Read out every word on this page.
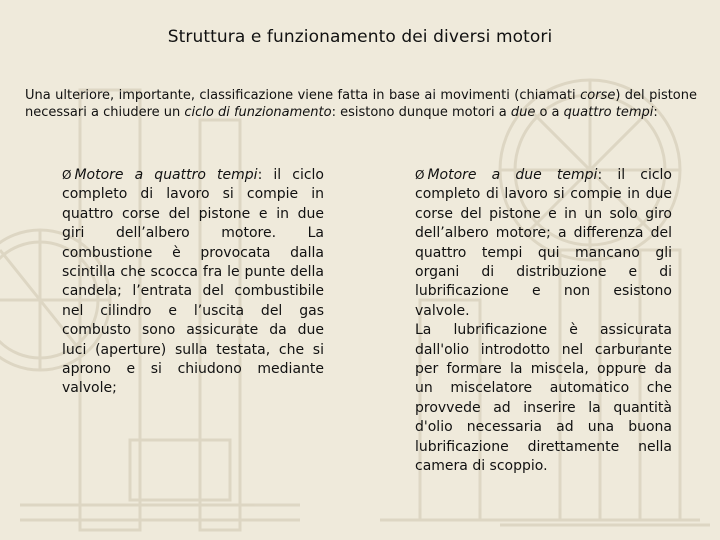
Struttura e funzionamento dei diversi motori
Una ulteriore, importante, classificazione viene fatta in base ai movimenti (chiamati corse) del pistone necessari a chiudere un ciclo di funzionamento: esistono dunque motori a due o a quattro tempi:

Ø Motore a quattro tempi: il ciclo completo di lavoro si compie in quattro corse del pistone e in due giri dell’albero motore. La combustione è provocata dalla scintilla che scocca fra le punte della candela; l’entrata del combustibile nel cilindro e l’uscita del gas combusto sono assicurate da due luci (aperture) sulla testata, che si aprono e si chiudono mediante valvole;

Ø Motore a due tempi: il ciclo completo di lavoro si compie in due corse del pistone e in un solo giro dell’albero motore; a differenza del quattro tempi qui mancano gli organi di distribuzione e di lubrificazione e non esistono valvole.

La lubrificazione è assicurata dall'olio introdotto nel carburante per formare la miscela, oppure da un miscelatore automatico che provvede ad inserire la quantità d'olio necessaria ad una buona lubrificazione direttamente nella camera di scoppio.
